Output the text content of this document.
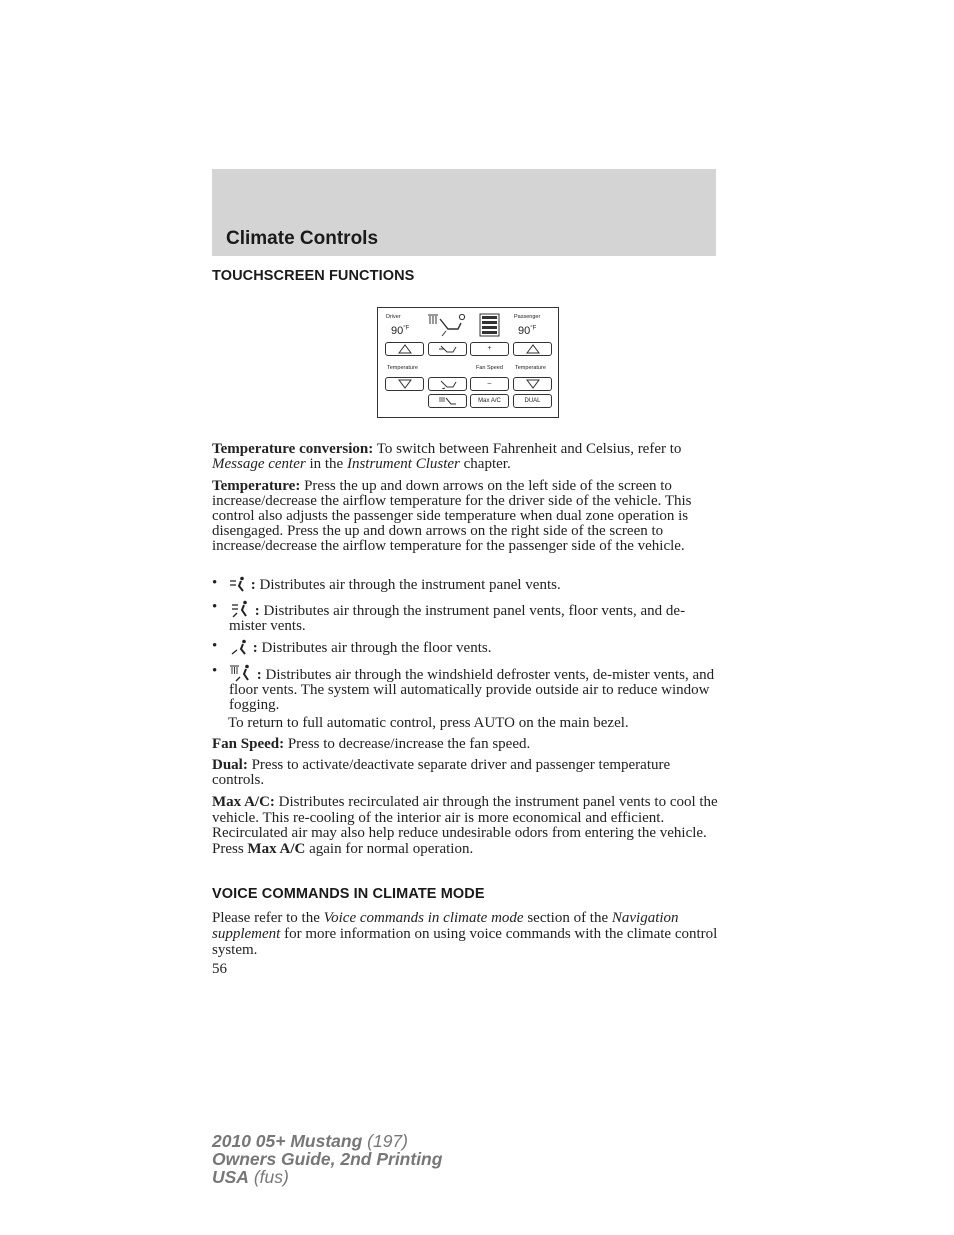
Climate Controls
TOUCHSCREEN FUNCTIONS
Driver	Passenger
$90^{^\circ F}$	$90^{^\circ F}$
+
Temperature	Fan Speed Temperature
–
Max A/C	DUAL
Temperature conversion: To switch between Fahrenheit and Celsius, refer to Message center in the Instrument Cluster chapter.
Temperature: Press the up and down arrows on the left side of the screen to increase/decrease the airflow temperature for the driver side of the vehicle. This control also adjusts the passenger side temperature when dual zone operation is disengaged. Press the up and down arrows on the right side of the screen to increase/decrease the airflow temperature for the passenger side of the vehicle.
•	: Distributes air through the instrument panel vents.
•	: Distributes air through the instrument panel vents, floor vents, and de-mister vents.
•	: Distributes air through the floor vents.
•	: Distributes air through the windshield defroster vents, de-mister vents, and floor vents. The system will automatically provide outside air to reduce window fogging.
To return to full automatic control, press AUTO on the main bezel.
Fan Speed: Press to decrease/increase the fan speed.
Dual: Press to activate/deactivate separate driver and passenger temperature controls.
Max A/C: Distributes recirculated air through the instrument panel vents to cool the vehicle. This re-cooling of the interior air is more economical and efficient. Recirculated air may also help reduce undesirable odors from entering the vehicle. Press Max A/C again for normal operation.
VOICE COMMANDS IN CLIMATE MODE
Please refer to the Voice commands in climate mode section of the Navigation supplement for more information on using voice commands with the climate control system.
56
2010 05+ Mustang (197)
Owners Guide, 2nd Printing
USA (fus)
